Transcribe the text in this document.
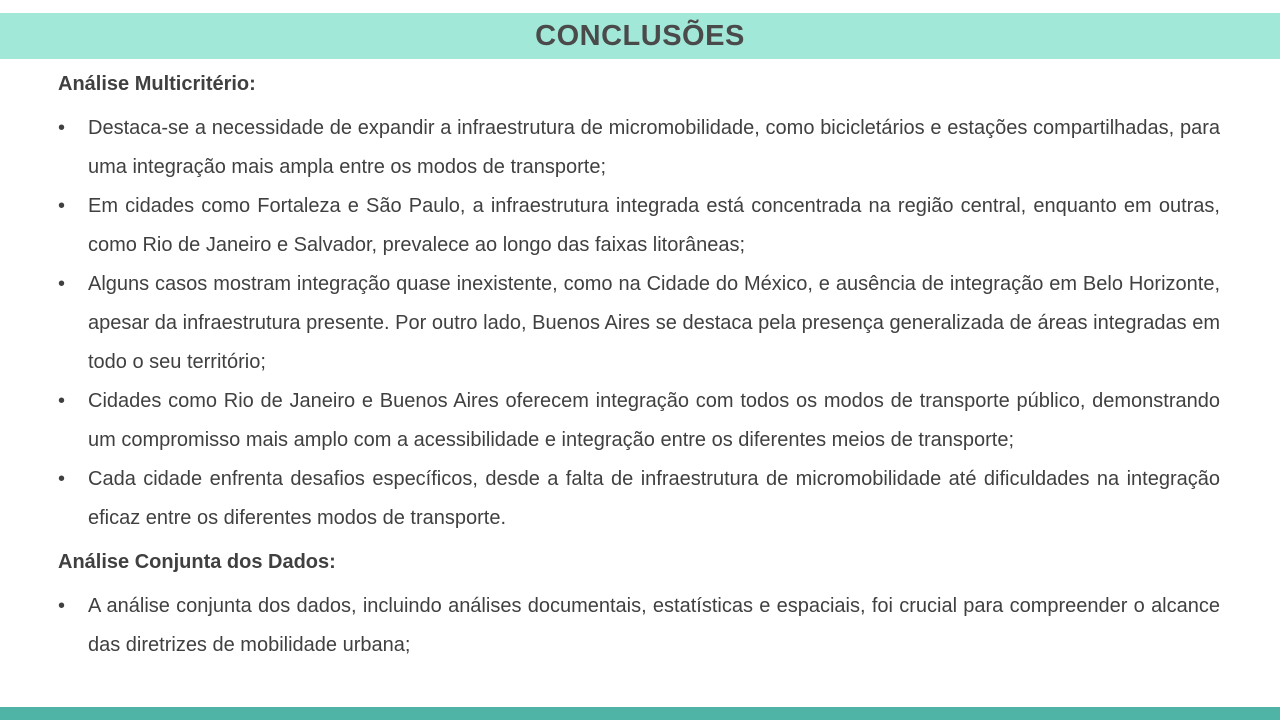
CONCLUSÕES
Análise Multicritério:
•	Destaca-se a necessidade de expandir a infraestrutura de micromobilidade, como bicicletários e estações compartilhadas, para uma integração mais ampla entre os modos de transporte;
•	Em cidades como Fortaleza e São Paulo, a infraestrutura integrada está concentrada na região central, enquanto em outras, como Rio de Janeiro e Salvador, prevalece ao longo das faixas litorâneas;
•	Alguns casos mostram integração quase inexistente, como na Cidade do México, e ausência de integração em Belo Horizonte, apesar da infraestrutura presente. Por outro lado, Buenos Aires se destaca pela presença generalizada de áreas integradas em todo o seu território;
•	Cidades como Rio de Janeiro e Buenos Aires oferecem integração com todos os modos de transporte público, demonstrando um compromisso mais amplo com a acessibilidade e integração entre os diferentes meios de transporte;
•	Cada cidade enfrenta desafios específicos, desde a falta de infraestrutura de micromobilidade até dificuldades na integração eficaz entre os diferentes modos de transporte.
Análise Conjunta dos Dados:
•	A análise conjunta dos dados, incluindo análises documentais, estatísticas e espaciais, foi crucial para compreender o alcance das diretrizes de mobilidade urbana;
